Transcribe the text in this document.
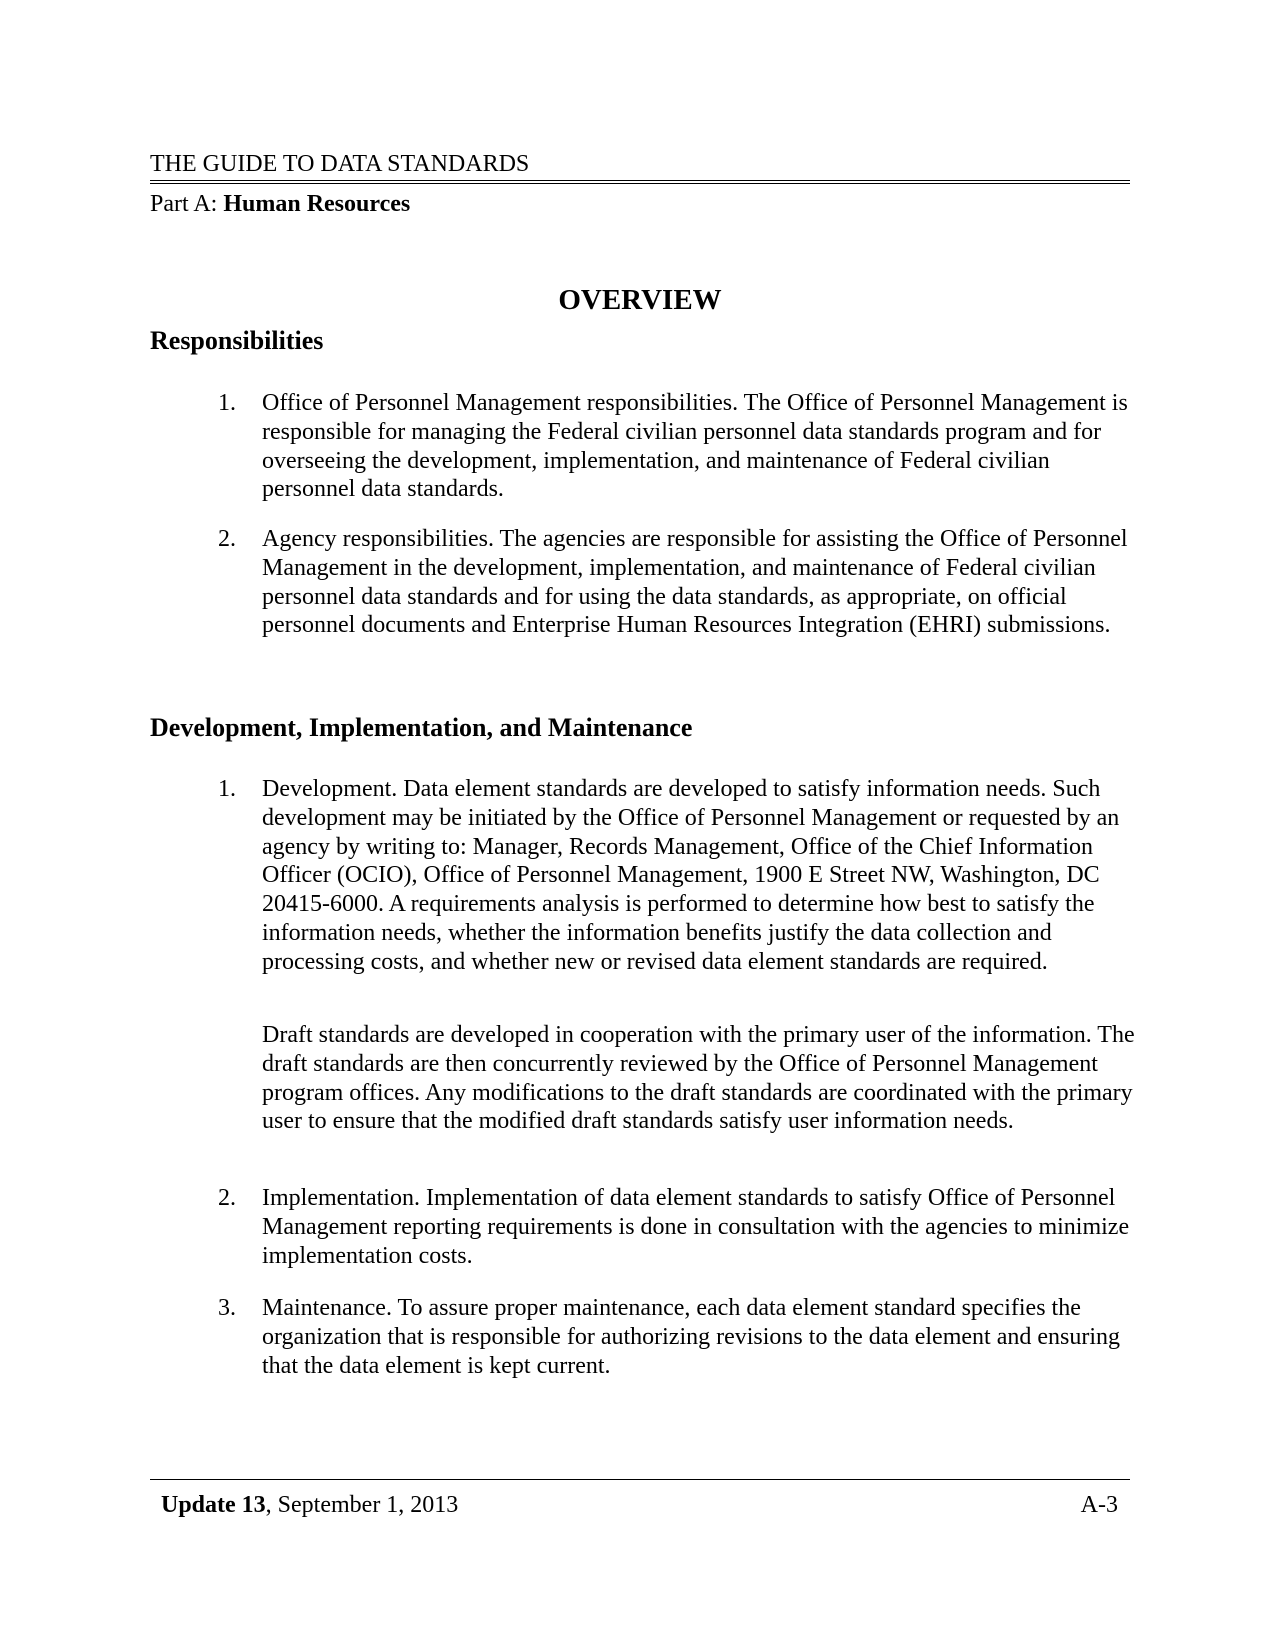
THE GUIDE TO DATA STANDARDS
Part A: Human Resources
OVERVIEW
Responsibilities
1.	Office of Personnel Management responsibilities. The Office of Personnel Management is responsible for managing the Federal civilian personnel data standards program and for overseeing the development, implementation, and maintenance of Federal civilian personnel data standards.
2.	Agency responsibilities. The agencies are responsible for assisting the Office of Personnel Management in the development, implementation, and maintenance of Federal civilian personnel data standards and for using the data standards, as appropriate, on official personnel documents and Enterprise Human Resources Integration (EHRI) submissions.
Development, Implementation, and Maintenance
1.	Development. Data element standards are developed to satisfy information needs. Such development may be initiated by the Office of Personnel Management or requested by an agency by writing to: Manager, Records Management, Office of the Chief Information Officer (OCIO), Office of Personnel Management, 1900 E Street NW, Washington, DC 20415-6000. A requirements analysis is performed to determine how best to satisfy the information needs, whether the information benefits justify the data collection and processing costs, and whether new or revised data element standards are required.
Draft standards are developed in cooperation with the primary user of the information. The draft standards are then concurrently reviewed by the Office of Personnel Management program offices. Any modifications to the draft standards are coordinated with the primary user to ensure that the modified draft standards satisfy user information needs.
2.	Implementation. Implementation of data element standards to satisfy Office of Personnel Management reporting requirements is done in consultation with the agencies to minimize implementation costs.
3.	Maintenance. To assure proper maintenance, each data element standard specifies the organization that is responsible for authorizing revisions to the data element and ensuring that the data element is kept current.
Update 13, September 1, 2013	A-3
